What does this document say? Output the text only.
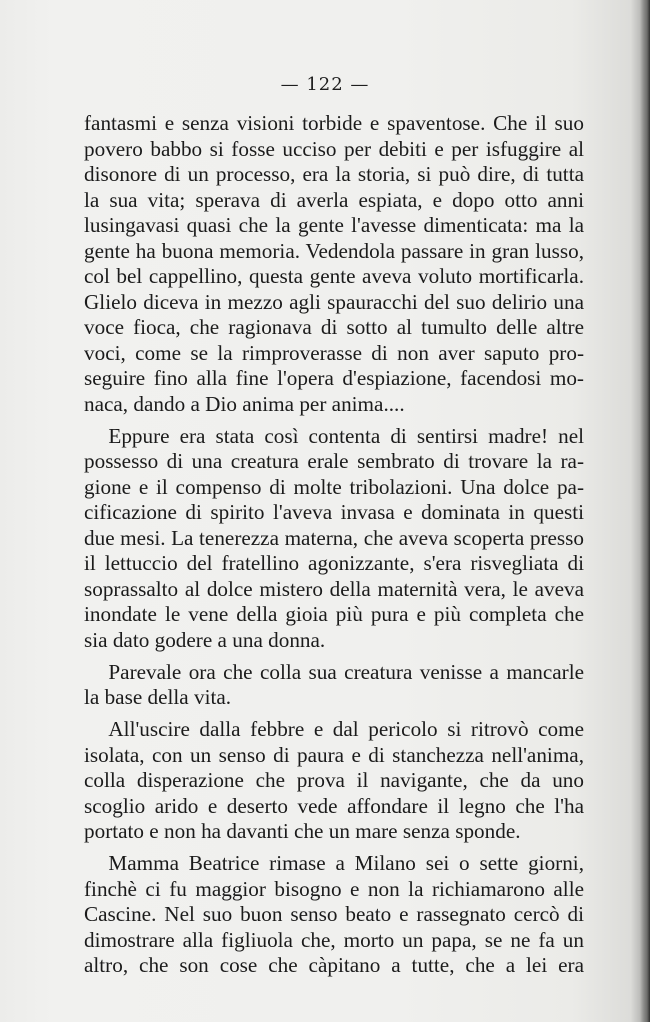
— 122 —
fantasmi e senza visioni torbide e spaventose. Che il suo
povero babbo si fosse ucciso per debiti e per isfuggire al
disonore di un processo, era la storia, si può dire, di tutta
la sua vita; sperava di averla espiata, e dopo otto anni
lusingavasi quasi che la gente l'avesse dimenticata: ma la
gente ha buona memoria. Vedendola passare in gran lusso,
col bel cappellino, questa gente aveva voluto mortificarla.
Glielo diceva in mezzo agli spauracchi del suo delirio una
voce fioca, che ragionava di sotto al tumulto delle altre
voci, come se la rimproverasse di non aver saputo pro-
seguire fino alla fine l'opera d'espiazione, facendosi mo-
naca, dando a Dio anima per anima....
Eppure era stata così contenta di sentirsi madre! nel
possesso di una creatura erale sembrato di trovare la ra-
gione e il compenso di molte tribolazioni. Una dolce pa-
cificazione di spirito l'aveva invasa e dominata in questi
due mesi. La tenerezza materna, che aveva scoperta presso
il lettuccio del fratellino agonizzante, s'era risvegliata di
soprassalto al dolce mistero della maternità vera, le aveva
inondate le vene della gioia più pura e più completa che
sia dato godere a una donna.
Parevale ora che colla sua creatura venisse a mancarle
la base della vita.
All'uscire dalla febbre e dal pericolo si ritrovò come
isolata, con un senso di paura e di stanchezza nell'anima,
colla disperazione che prova il navigante, che da uno
scoglio arido e deserto vede affondare il legno che l'ha
portato e non ha davanti che un mare senza sponde.
Mamma Beatrice rimase a Milano sei o sette giorni,
finchè ci fu maggior bisogno e non la richiamarono alle
Cascine. Nel suo buon senso beato e rassegnato cercò di
dimostrare alla figliuola che, morto un papa, se ne fa un
altro, che son cose che càpitano a tutte, che a lei era
